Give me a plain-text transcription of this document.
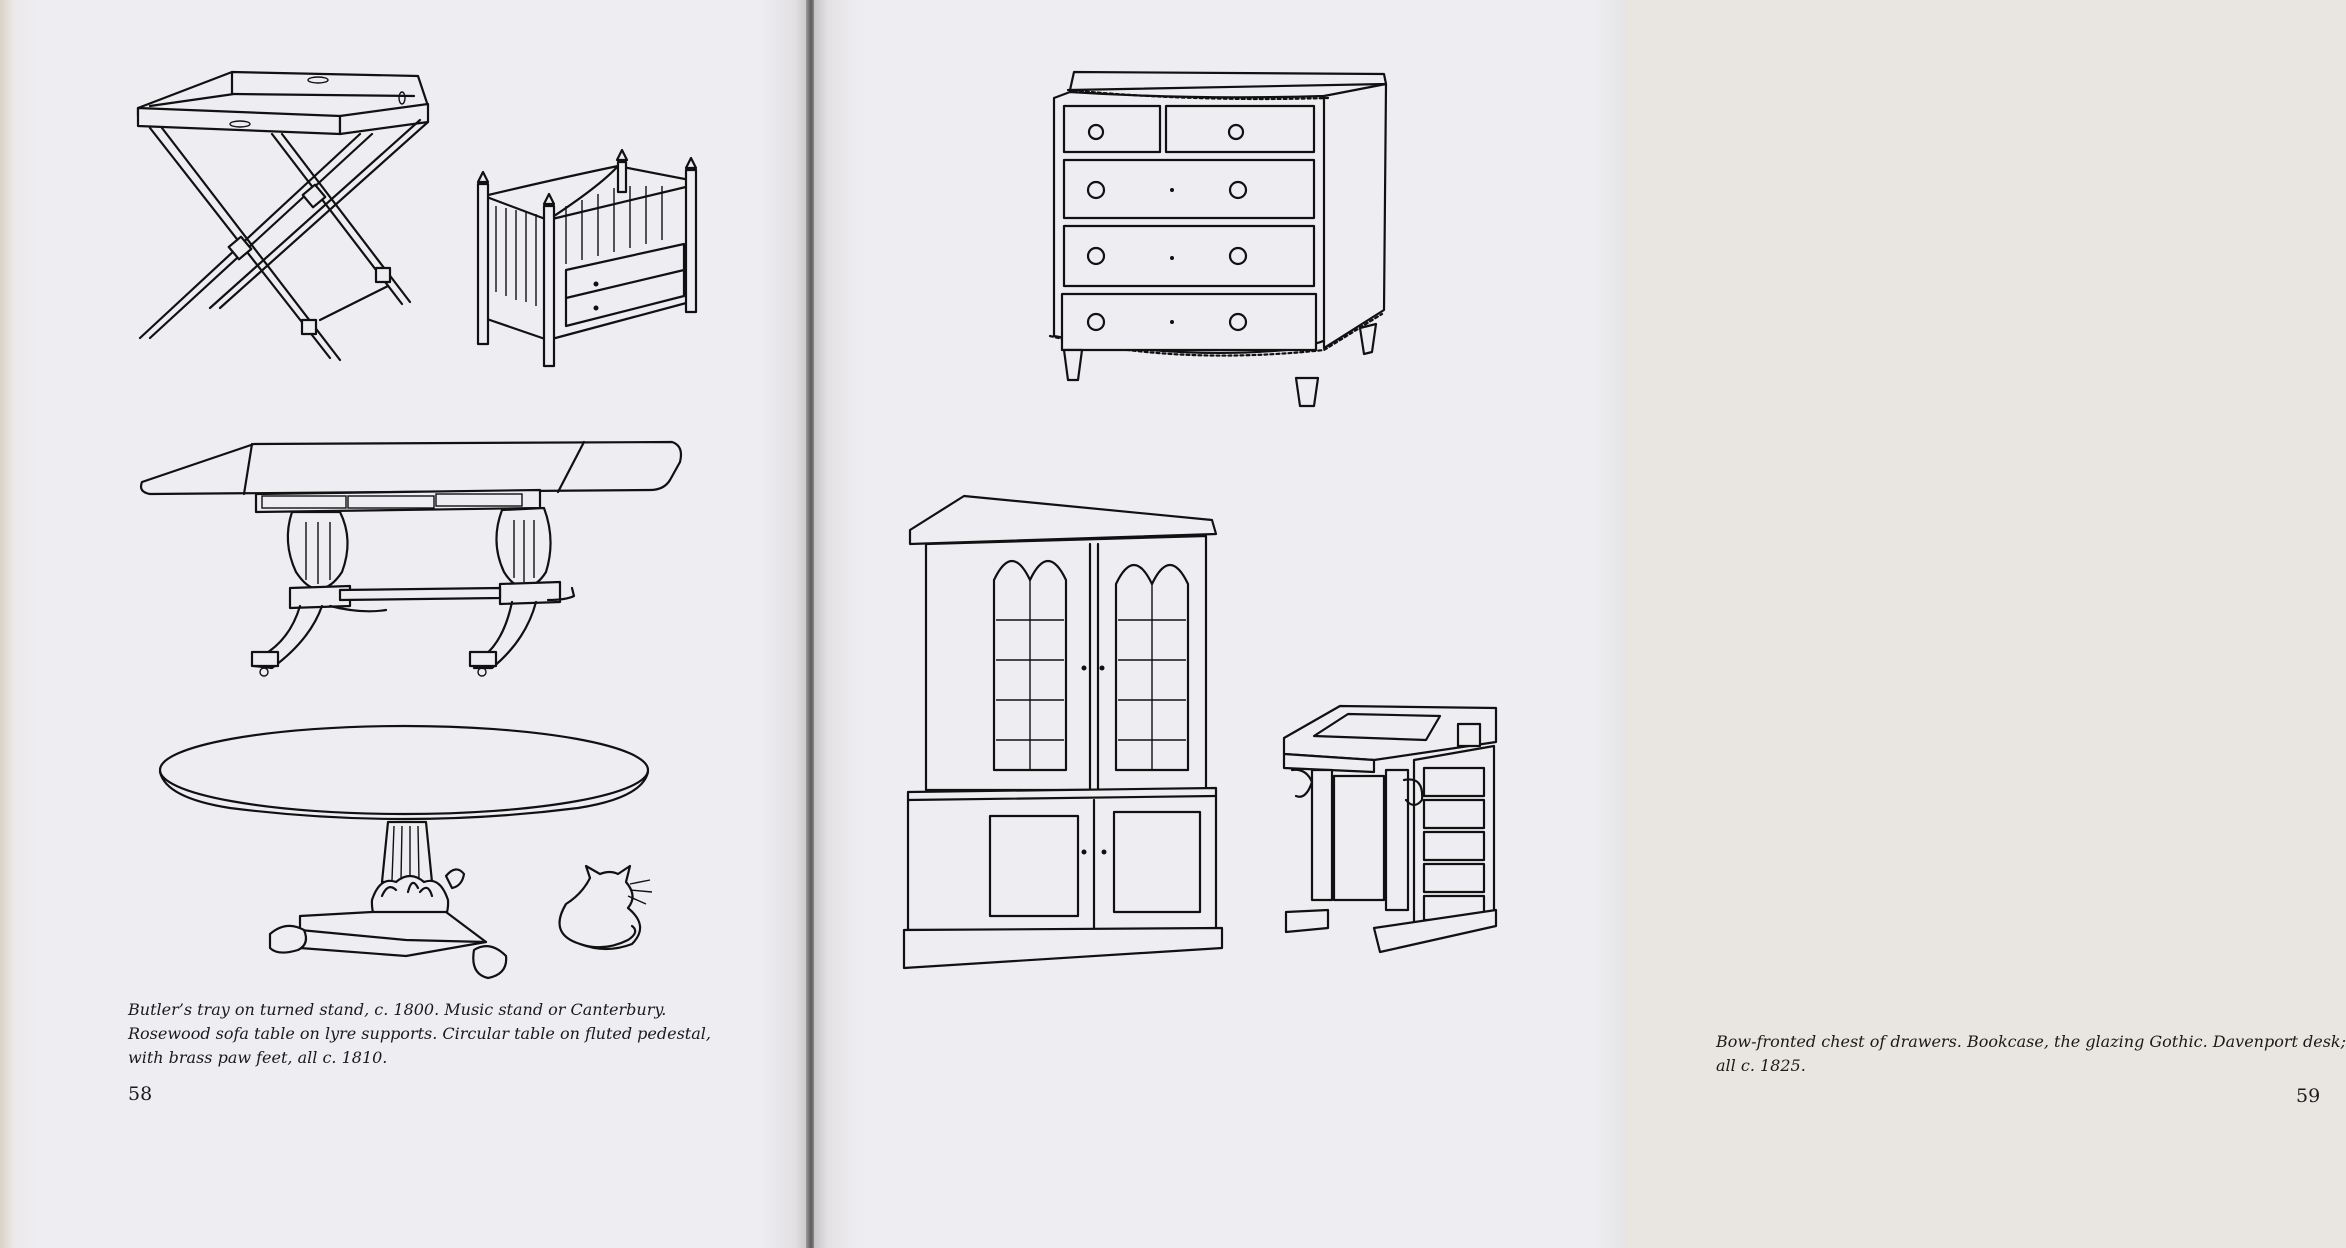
Butler’s tray on turned stand, c. 1800. Music stand or Canterbury.
Rosewood sofa table on lyre supports. Circular table on fluted pedestal,
with brass paw feet, all c. 1810.

58

Bow-fronted chest of drawers. Bookcase, the glazing Gothic. Davenport desk;
all c. 1825.

59
